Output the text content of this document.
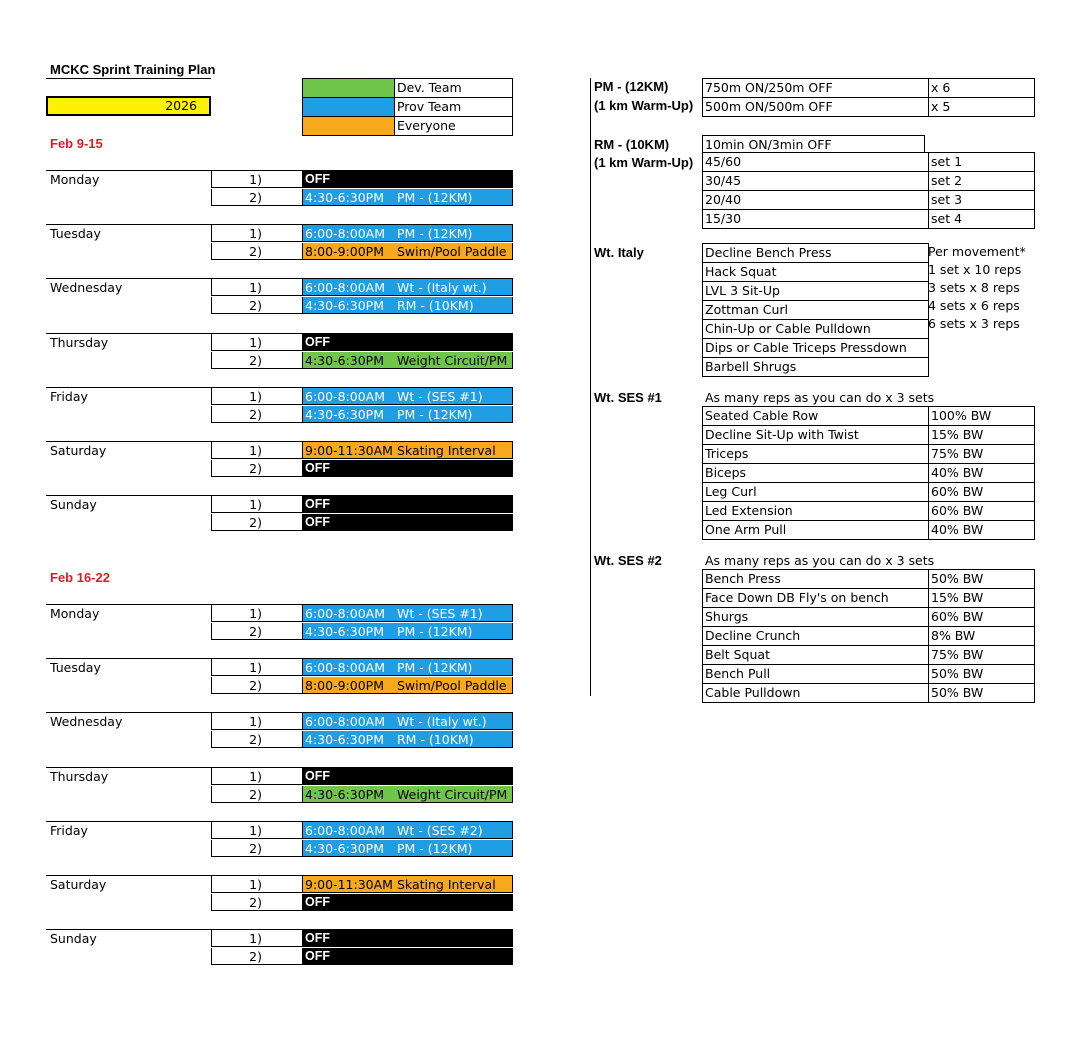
MCKC Sprint Training Plan
2026
Dev. Team
Prov Team
Everyone
Feb 9-15
Monday	1)	OFF
2)	4:30-6:30PM PM - (12KM)
Tuesday	1)	6:00-8:00AM PM - (12KM)
2)	8:00-9:00PM Swim/Pool Paddle
Wednesday	1)	6:00-8:00AM Wt - (Italy wt.)
2)	4:30-6:30PM RM - (10KM)
Thursday	1)	OFF
2)	4:30-6:30PM Weight Circuit/PM
Friday	1)	6:00-8:00AM Wt - (SES #1)
2)	4:30-6:30PM PM - (12KM)
Saturday	1)	9:00-11:30AM Skating Interval
2)	OFF
Sunday	1)	OFF
2)	OFF
Feb 16-22
Monday	1)	6:00-8:00AM Wt - (SES #1)
2)	4:30-6:30PM PM - (12KM)
Tuesday	1)	6:00-8:00AM PM - (12KM)
2)	8:00-9:00PM Swim/Pool Paddle
Wednesday	1)	6:00-8:00AM Wt - (Italy wt.)
2)	4:30-6:30PM RM - (10KM)
Thursday	1)	OFF
2)	4:30-6:30PM Weight Circuit/PM
Friday	1)	6:00-8:00AM Wt - (SES #2)
2)	4:30-6:30PM PM - (12KM)
Saturday	1)	9:00-11:30AM Skating Interval
2)	OFF
Sunday	1)	OFF
2)	OFF
PM - (12KM)
(1 km Warm-Up)
750m ON/250m OFF	x 6
500m ON/500m OFF	x 5
RM - (10KM)
(1 km Warm-Up)
10min ON/3min OFF
45/60	set 1
30/45	set 2
20/40	set 3
15/30	set 4
Wt. Italy	Decline Bench Press
Hack Squat
LVL 3 Sit-Up
Zottman Curl
Chin-Up or Cable Pulldown
Dips or Cable Triceps Pressdown
Barbell Shrugs
Per movement*
1 set x 10 reps
3 sets x 8 reps
4 sets x 6 reps
6 sets x 3 reps
Wt. SES #1	As many reps as you can do x 3 sets
Seated Cable Row	100% BW
Decline Sit-Up with Twist	15% BW
Triceps	75% BW
Biceps	40% BW
Leg Curl	60% BW
Led Extension	60% BW
One Arm Pull	40% BW
Wt. SES #2	As many reps as you can do x 3 sets
Bench Press	50% BW
Face Down DB Fly's on bench	15% BW
Shurgs	60% BW
Decline Crunch	8% BW
Belt Squat	75% BW
Bench Pull	50% BW
Cable Pulldown	50% BW
